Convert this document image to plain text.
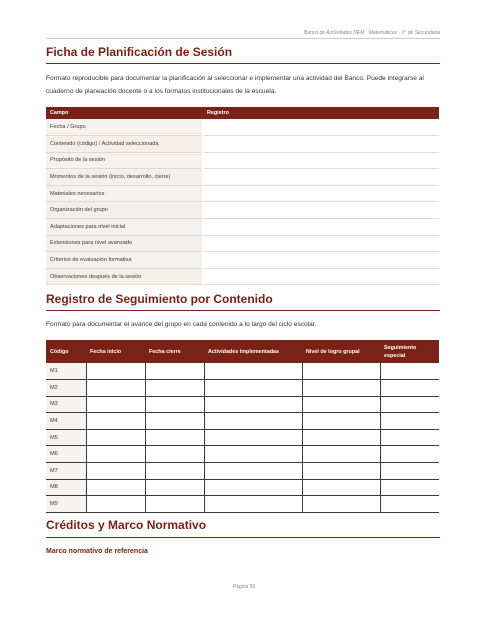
Banco de Actividades NEM · Matemáticas · 3° de Secundaria
Ficha de Planificación de Sesión
Formato reproducible para documentar la planificación al seleccionar e implementar una actividad del Banco. Puede integrarse al cuaderno de planeación docente o a los formatos institucionales de la escuela.
Campo	Registro
Fecha / Grupo	
Contenido (código) / Actividad seleccionada	
Propósito de la sesión	
Momentos de la sesión (inicio, desarrollo, cierre)	
Materiales necesarios	
Organización del grupo	
Adaptaciones para nivel inicial	
Extensiones para nivel avanzado	
Criterios de evaluación formativa	
Observaciones después de la sesión	
Registro de Seguimiento por Contenido
Formato para documentar el avance del grupo en cada contenido a lo largo del ciclo escolar.
Código	Fecha inicio	Fecha cierre	Actividades implementadas	Nivel de logro grupal	Seguimiento especial
M1					
M2					
M3					
M4					
M5					
M6					
M7					
M8					
M9					
Créditos y Marco Normativo
Marco normativo de referencia
Página 50
